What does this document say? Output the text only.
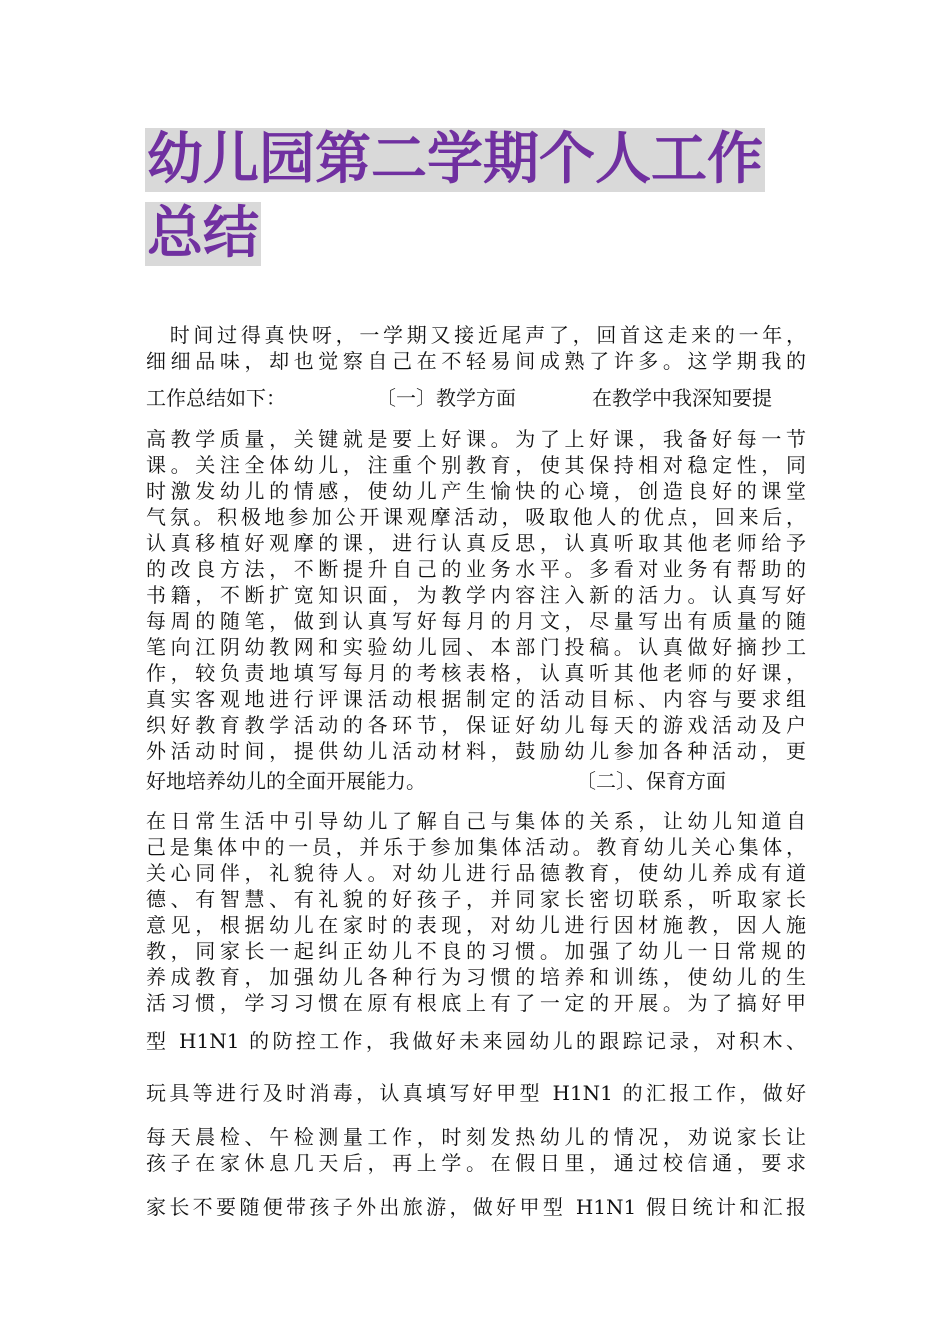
幼儿园第二学期个人工作
总结

　时间过得真快呀，一学期又接近尾声了，回首这走来的一年，

细细品味，却也觉察自己在不轻易间成熟了许多。这学期我的

工作总结如下：	〔一〕教学方面	在教学中我深知要提

高教学质量，关键就是要上好课。为了上好课，我备好每一节

课。关注全体幼儿，注重个别教育，使其保持相对稳定性，同

时激发幼儿的情感，使幼儿产生愉快的心境，创造良好的课堂

气氛。积极地参加公开课观摩活动，吸取他人的优点，回来后，

认真移植好观摩的课，进行认真反思，认真听取其他老师给予

的改良方法，不断提升自己的业务水平。多看对业务有帮助的

书籍，不断扩宽知识面，为教学内容注入新的活力。认真写好

每周的随笔，做到认真写好每月的月文，尽量写出有质量的随

笔向江阴幼教网和实验幼儿园、本部门投稿。认真做好摘抄工

作，较负责地填写每月的考核表格，认真听其他老师的好课，

真实客观地进行评课活动根据制定的活动目标、内容与要求组

织好教育教学活动的各环节，保证好幼儿每天的游戏活动及户

外活动时间，提供幼儿活动材料，鼓励幼儿参加各种活动，更

好地培养幼儿的全面开展能力。	〔二〕、保育方面

在日常生活中引导幼儿了解自己与集体的关系，让幼儿知道自

己是集体中的一员，并乐于参加集体活动。教育幼儿关心集体，

关心同伴，礼貌待人。对幼儿进行品德教育，使幼儿养成有道

德、有智慧、有礼貌的好孩子，并同家长密切联系，听取家长

意见，根据幼儿在家时的表现，对幼儿进行因材施教，因人施

教，同家长一起纠正幼儿不良的习惯。加强了幼儿一日常规的

养成教育，加强幼儿各种行为习惯的培养和训练，使幼儿的生

活习惯，学习习惯在原有根底上有了一定的开展。为了搞好甲

型 H1N1 的防控工作，我做好未来园幼儿的跟踪记录，对积木、

玩具等进行及时消毒，认真填写好甲型 H1N1 的汇报工作，做好

每天晨检、午检测量工作，时刻发热幼儿的情况，劝说家长让

孩子在家休息几天后，再上学。在假日里，通过校信通，要求

家长不要随便带孩子外出旅游，做好甲型 H1N1 假日统计和汇报
